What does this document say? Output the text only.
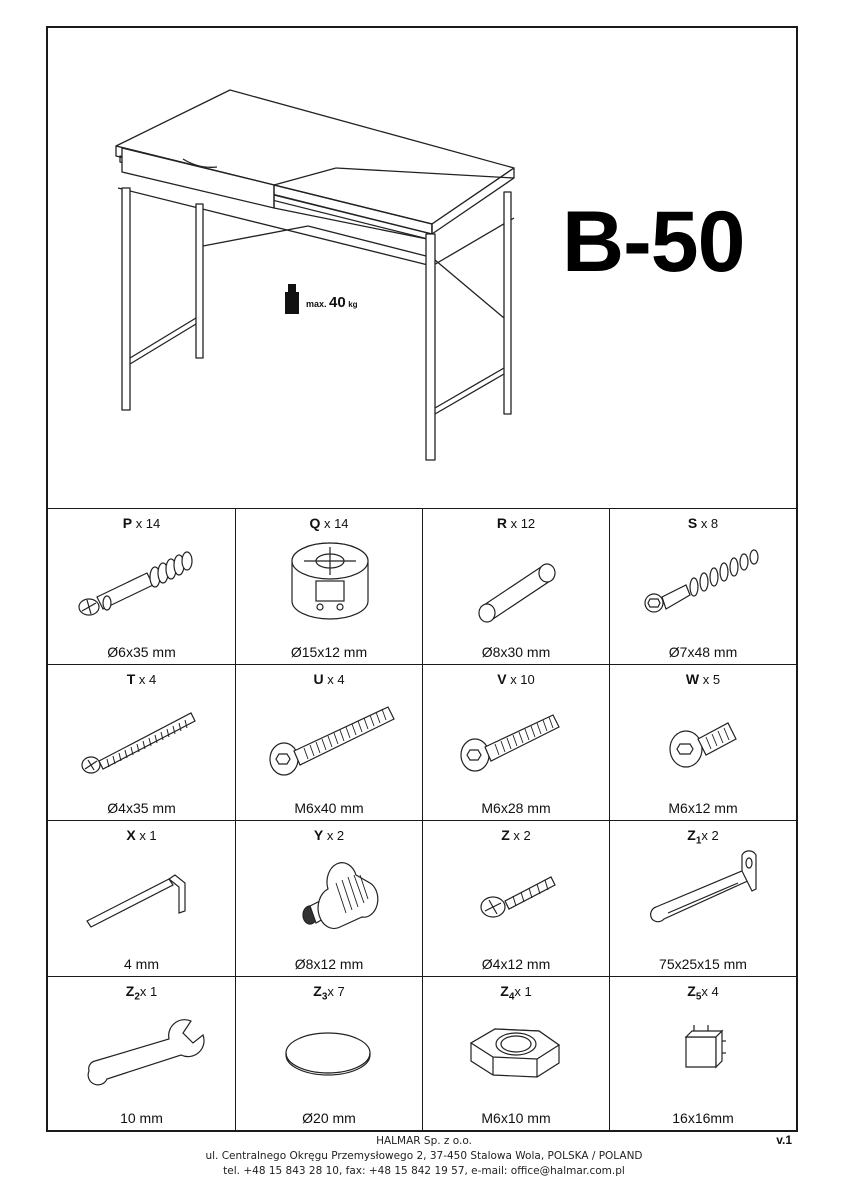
max. 40 kg
B-50
P x 14
Ø6x35 mm
Q x 14
Ø15x12 mm
R x 12
Ø8x30 mm
S x 8
Ø7x48 mm
T x 4
Ø4x35 mm
U x 4
M6x40 mm
V x 10
M6x28 mm
W x 5
M6x12 mm
X x 1
4 mm
Y x 2
Ø8x12 mm
Z x 2
Ø4x12 mm
$Z_1x$ 2
75x25x15 mm
$Z_2x$ 1
10 mm
$Z_3x$ 7
Ø20 mm
$Z_4x$ 1
M6x10 mm
$Z_5x$ 4
16x16mm
v.1
HALMAR Sp. z o.o.
ul. Centralnego Okręgu Przemysłowego 2, 37-450 Stalowa Wola, POLSKA / POLAND
tel. +48 15 843 28 10, fax: +48 15 842 19 57, e-mail: office@halmar.com.pl
